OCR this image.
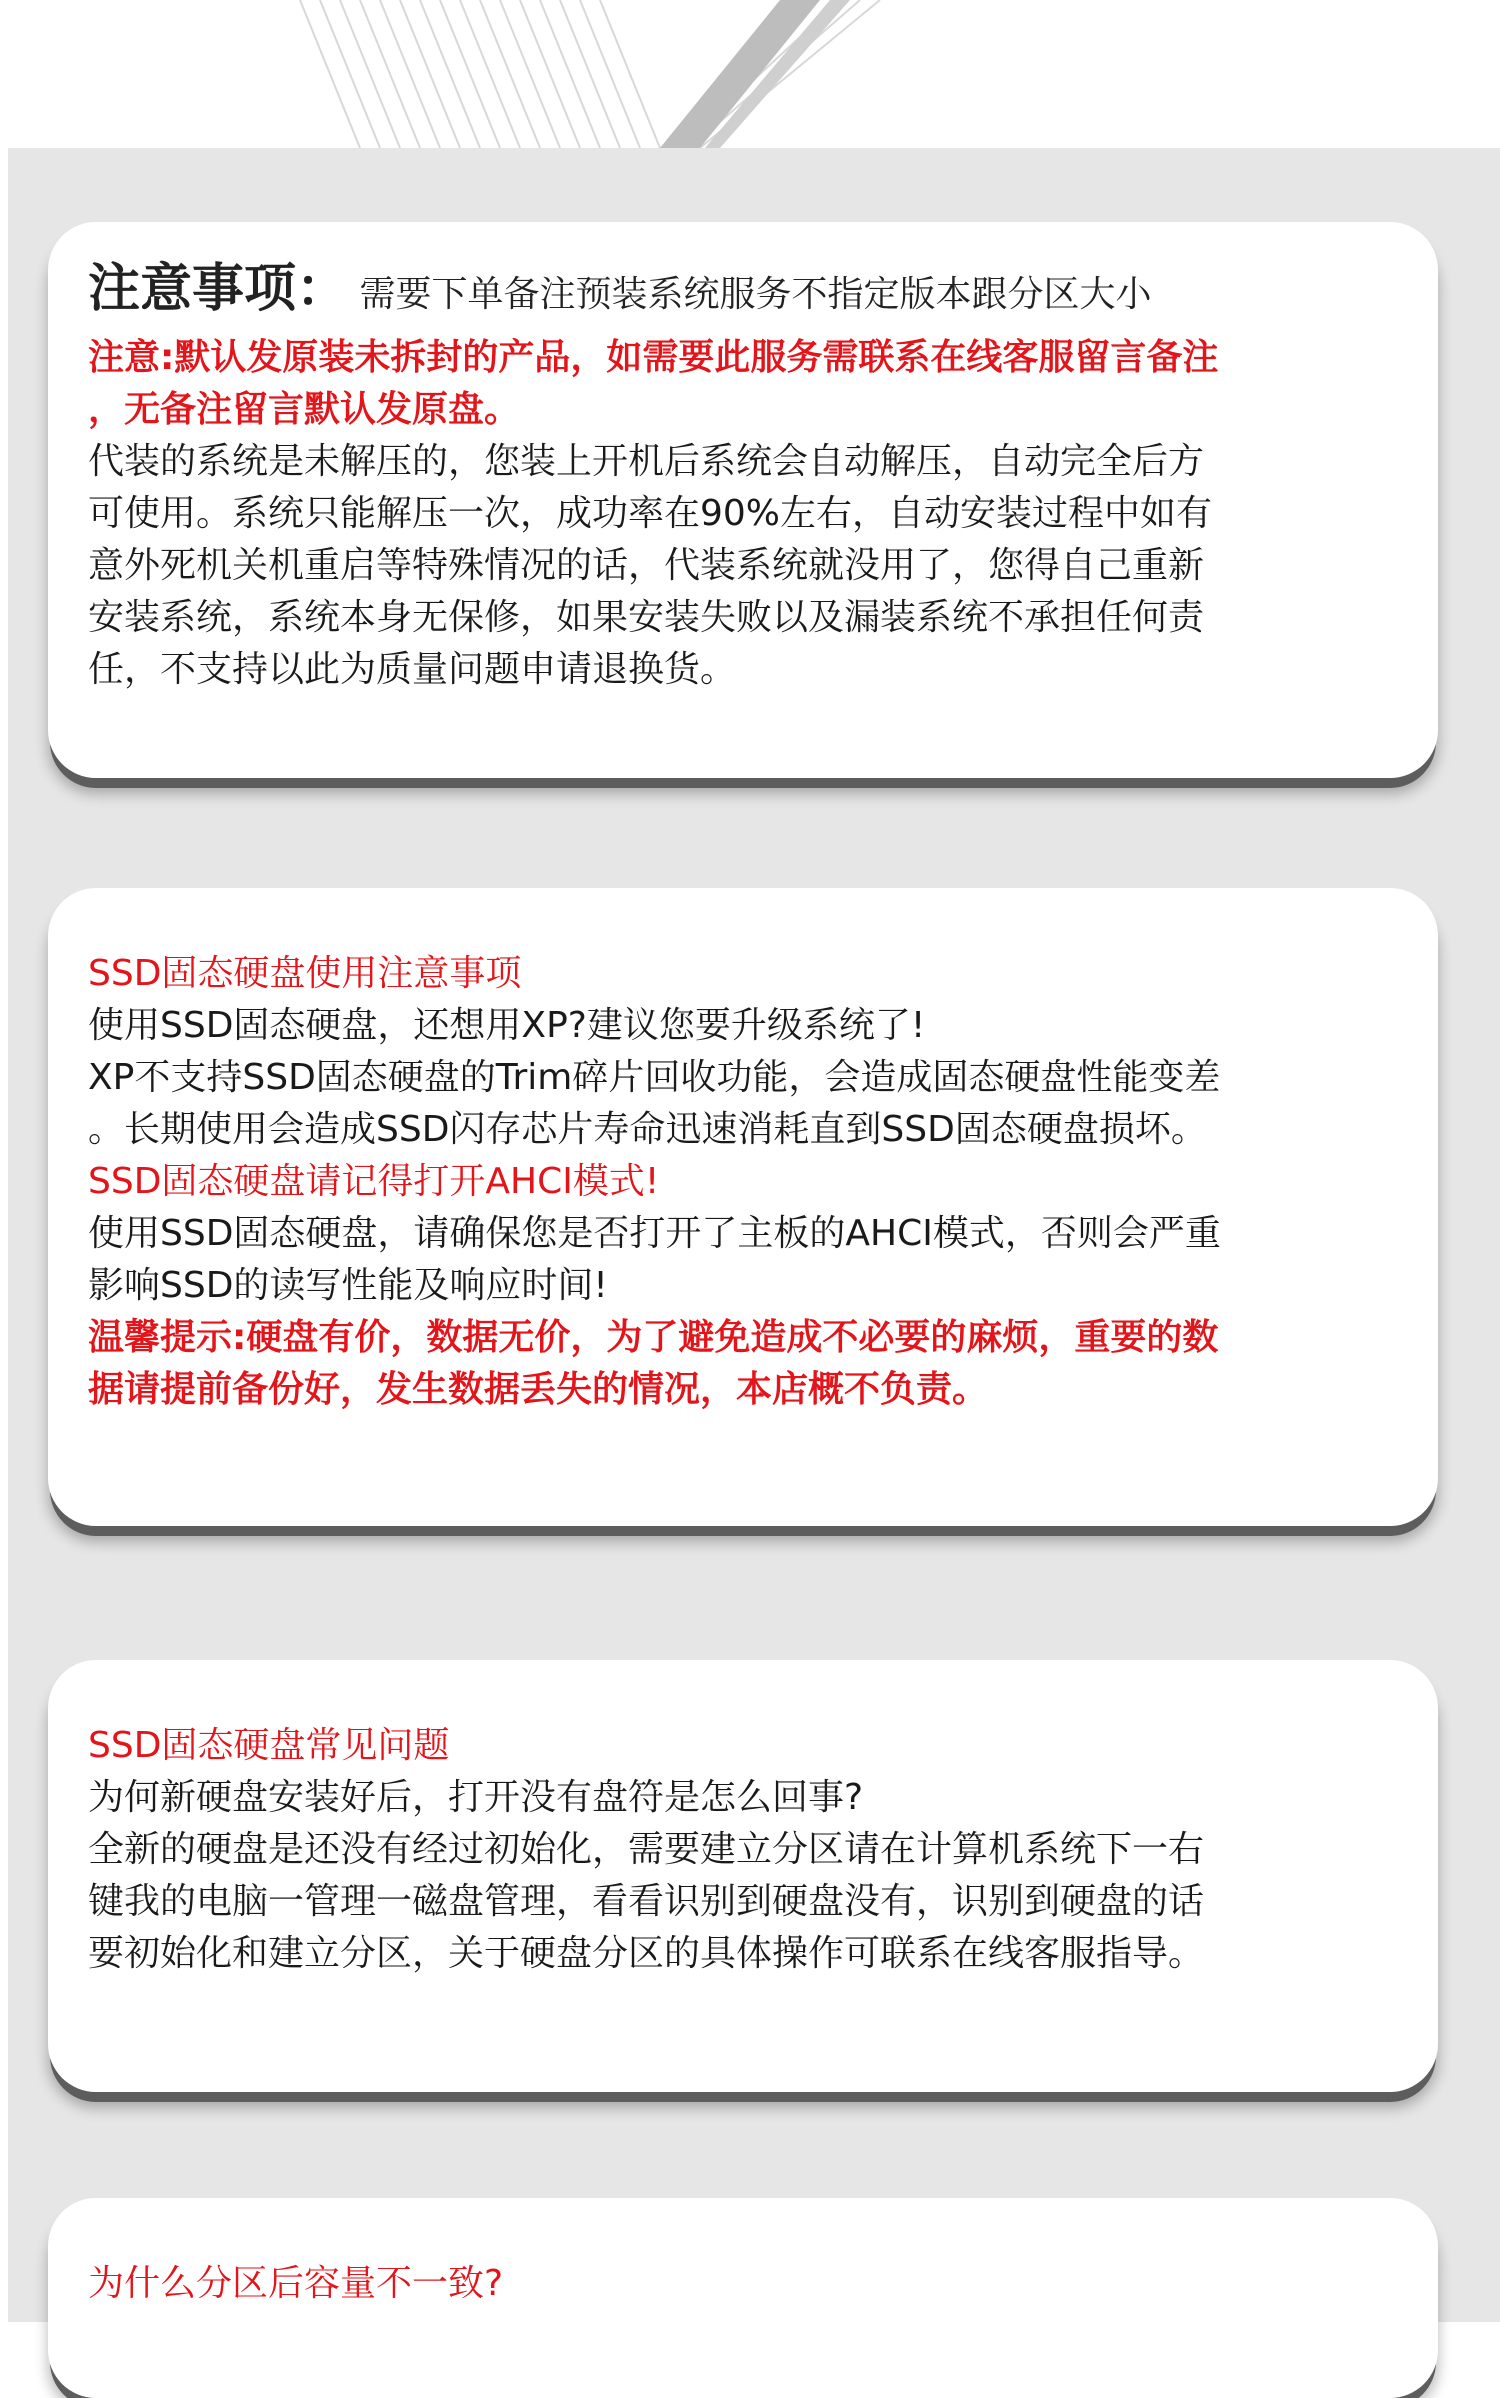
注意事项： 需要下单备注预装系统服务不指定版本跟分区大小
注意:默认发原装未拆封的产品，如需要此服务需联系在线客服留言备注
，无备注留言默认发原盘。
代装的系统是未解压的，您装上开机后系统会自动解压，自动完全后方
可使用。系统只能解压一次，成功率在90%左右，自动安装过程中如有
意外死机关机重启等特殊情况的话，代装系统就没用了，您得自己重新
安装系统，系统本身无保修，如果安装失败以及漏装系统不承担任何责
任，不支持以此为质量问题申请退换货。
SSD固态硬盘使用注意事项
使用SSD固态硬盘，还想用XP?建议您要升级系统了!
XP不支持SSD固态硬盘的Trim碎片回收功能，会造成固态硬盘性能变差
。长期使用会造成SSD闪存芯片寿命迅速消耗直到SSD固态硬盘损坏。
SSD固态硬盘请记得打开AHCI模式!
使用SSD固态硬盘，请确保您是否打开了主板的AHCI模式，否则会严重
影响SSD的读写性能及响应时间!
温馨提示:硬盘有价，数据无价，为了避免造成不必要的麻烦，重要的数
据请提前备份好，发生数据丢失的情况，本店概不负责。
SSD固态硬盘常见问题
为何新硬盘安装好后，打开没有盘符是怎么回事?
全新的硬盘是还没有经过初始化，需要建立分区请在计算机系统下一右
键我的电脑一管理一磁盘管理，看看识别到硬盘没有，识别到硬盘的话
要初始化和建立分区，关于硬盘分区的具体操作可联系在线客服指导。
为什么分区后容量不一致?
